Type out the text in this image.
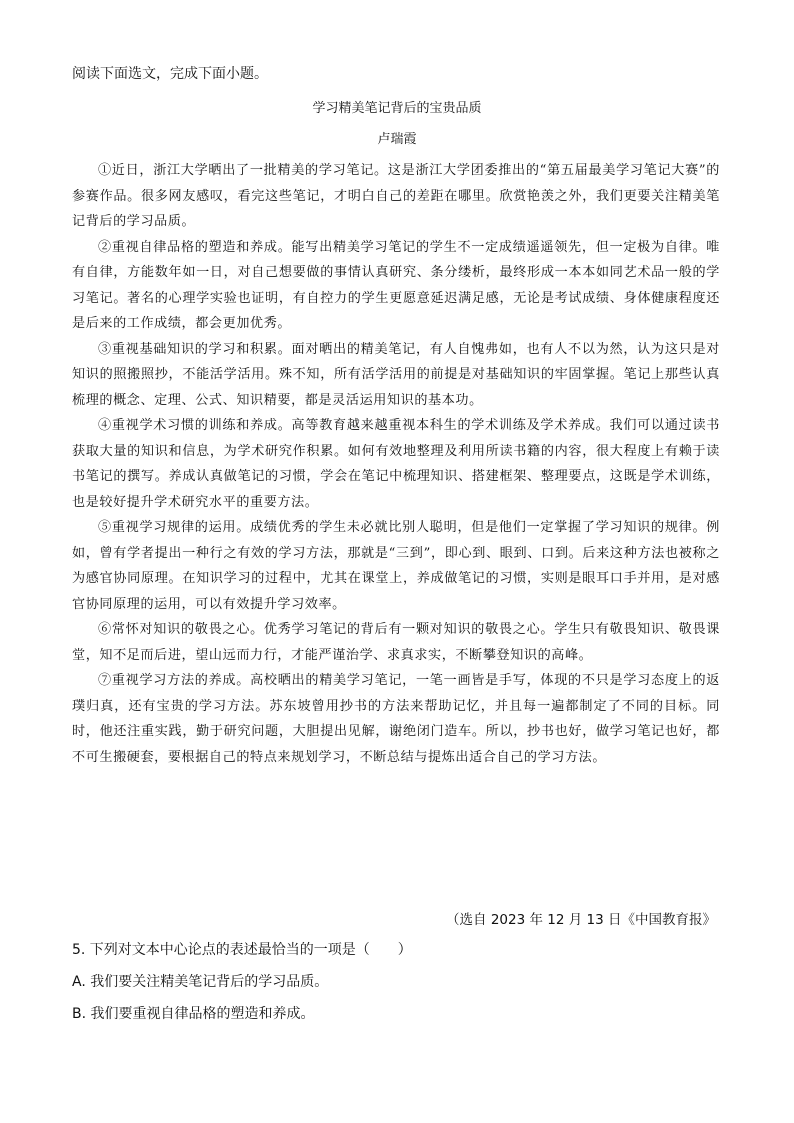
阅读下面选文，完成下面小题。
学习精美笔记背后的宝贵品质
卢瑞霞

①近日，浙江大学晒出了一批精美的学习笔记。这是浙江大学团委推出的“第五届最美学习笔记大赛”的参赛作品。很多网友感叹，看完这些笔记，才明白自己的差距在哪里。欣赏艳羡之外，我们更要关注精美笔记背后的学习品质。

②重视自律品格的塑造和养成。能写出精美学习笔记的学生不一定成绩遥遥领先，但一定极为自律。唯有自律，方能数年如一日，对自己想要做的事情认真研究、条分缕析，最终形成一本本如同艺术品一般的学习笔记。著名的心理学实验也证明，有自控力的学生更愿意延迟满足感，无论是考试成绩、身体健康程度还是后来的工作成绩，都会更加优秀。

③重视基础知识的学习和积累。面对晒出的精美笔记，有人自愧弗如，也有人不以为然，认为这只是对知识的照搬照抄，不能活学活用。殊不知，所有活学活用的前提是对基础知识的牢固掌握。笔记上那些认真梳理的概念、定理、公式、知识精要，都是灵活运用知识的基本功。

④重视学术习惯的训练和养成。高等教育越来越重视本科生的学术训练及学术养成。我们可以通过读书获取大量的知识和信息，为学术研究作积累。如何有效地整理及利用所读书籍的内容，很大程度上有赖于读书笔记的撰写。养成认真做笔记的习惯，学会在笔记中梳理知识、搭建框架、整理要点，这既是学术训练，也是较好提升学术研究水平的重要方法。

⑤重视学习规律的运用。成绩优秀的学生未必就比别人聪明，但是他们一定掌握了学习知识的规律。例如，曾有学者提出一种行之有效的学习方法，那就是“三到”，即心到、眼到、口到。后来这种方法也被称之为感官协同原理。在知识学习的过程中，尤其在课堂上，养成做笔记的习惯，实则是眼耳口手并用，是对感官协同原理的运用，可以有效提升学习效率。

⑥常怀对知识的敬畏之心。优秀学习笔记的背后有一颗对知识的敬畏之心。学生只有敬畏知识、敬畏课堂，知不足而后进，望山远而力行，才能严谨治学、求真求实，不断攀登知识的高峰。

⑦重视学习方法的养成。高校晒出的精美学习笔记，一笔一画皆是手写，体现的不只是学习态度上的返璞归真，还有宝贵的学习方法。苏东坡曾用抄书的方法来帮助记忆，并且每一遍都制定了不同的目标。同时，他还注重实践，勤于研究问题，大胆提出见解，谢绝闭门造车。所以，抄书也好，做学习笔记也好，都不可生搬硬套，要根据自己的特点来规划学习，不断总结与提炼出适合自己的学习方法。

（选自 2023 年 12 月 13 日《中国教育报》
5. 下列对文本中心论点的表述最恰当的一项是（　　）
A. 我们要关注精美笔记背后的学习品质。
B. 我们要重视自律品格的塑造和养成。
